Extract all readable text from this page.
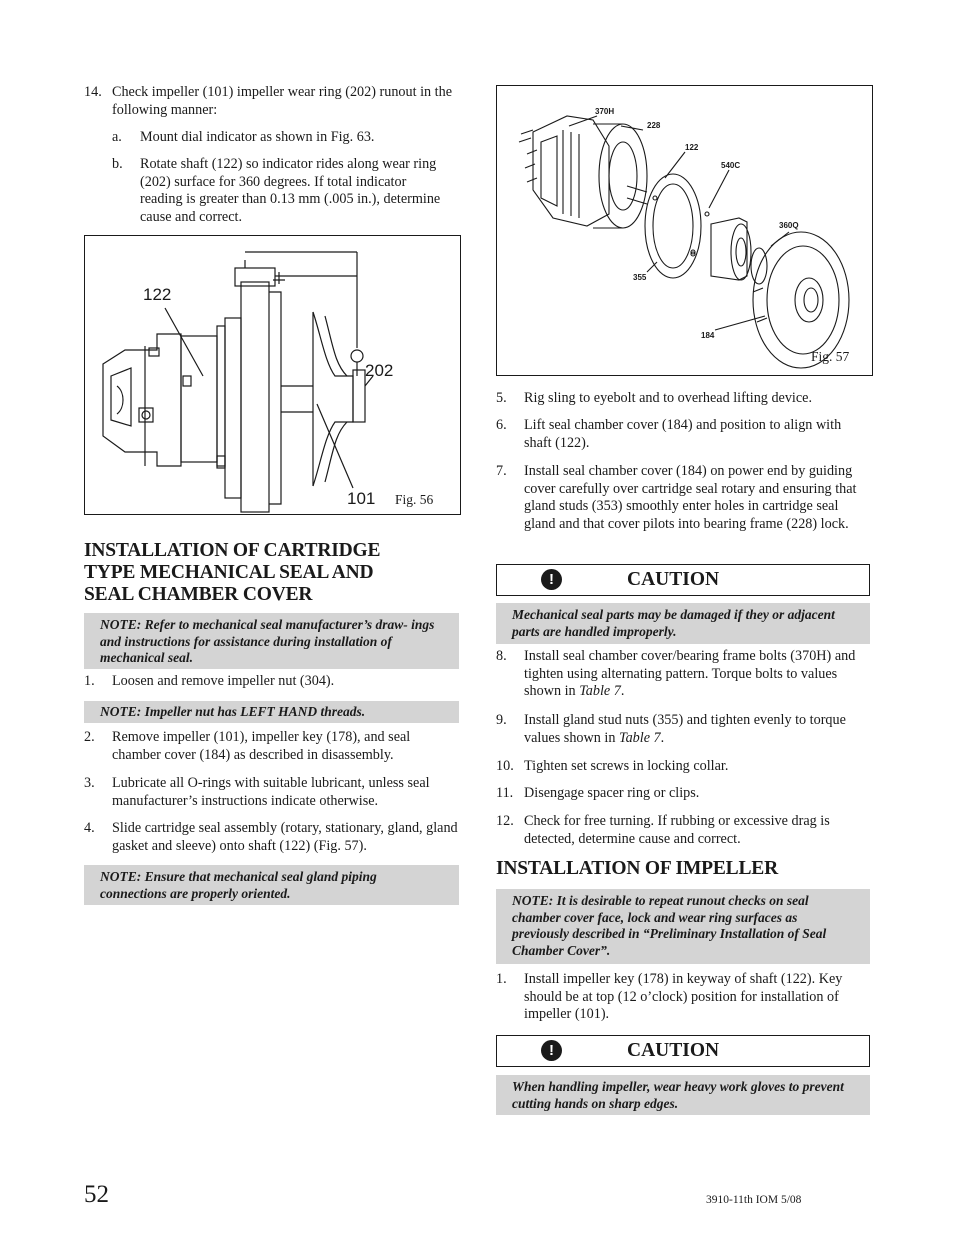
14. Check impeller (101) impeller wear ring (202) runout in the following manner:
a.	Mount dial indicator as shown in Fig. 63.
b.	Rotate shaft (122) so indicator rides along wear ring (202) surface for 360 degrees. If total indicator reading is greater than 0.13 mm (.005 in.), determine cause and correct.
122
202
101 Fig. 56
INSTALLATION OF CARTRIDGE
TYPE MECHANICAL SEAL AND
SEAL CHAMBER COVER
NOTE: Refer to mechanical seal manufacturer’s draw- ings and instructions for assistance during installation of mechanical seal.
1.	Loosen and remove impeller nut (304).
NOTE: Impeller nut has LEFT HAND threads.
2.	Remove impeller (101), impeller key (178), and seal chamber cover (184) as described in disassembly.
3.	Lubricate all O-rings with suitable lubricant, unless seal manufacturer’s instructions indicate otherwise.
4.	Slide cartridge seal assembly (rotary, stationary, gland, gland gasket and sleeve) onto shaft (122) (Fig. 57).
NOTE: Ensure that mechanical seal gland piping connections are properly oriented.
370H
228
122
540C
360Q
355
184
Fig. 57
5.	Rig sling to eyebolt and to overhead lifting device.
6.	Lift seal chamber cover (184) and position to align with shaft (122).
7.	Install seal chamber cover (184) on power end by guiding cover carefully over cartridge seal rotary and ensuring that gland studs (353) smoothly enter holes in cartridge seal gland and that cover pilots into bearing frame (228) lock.
!	CAUTION
Mechanical seal parts may be damaged if they or adjacent parts are handled improperly.
8.	Install seal chamber cover/bearing frame bolts (370H) and tighten using alternating pattern. Torque bolts to values shown in Table 7.
9.	Install gland stud nuts (355) and tighten evenly to torque values shown in Table 7.
10. Tighten set screws in locking collar.
11. Disengage spacer ring or clips.
12. Check for free turning. If rubbing or excessive drag is detected, determine cause and correct.
INSTALLATION OF IMPELLER
NOTE: It is desirable to repeat runout checks on seal chamber cover face, lock and wear ring surfaces as previously described in “Preliminary Installation of Seal Chamber Cover”.
1.	Install impeller key (178) in keyway of shaft (122). Key should be at top (12 o’clock) position for installation of impeller (101).
!	CAUTION
When handling impeller, wear heavy work gloves to prevent cutting hands on sharp edges.
52	3910-11th IOM 5/08
